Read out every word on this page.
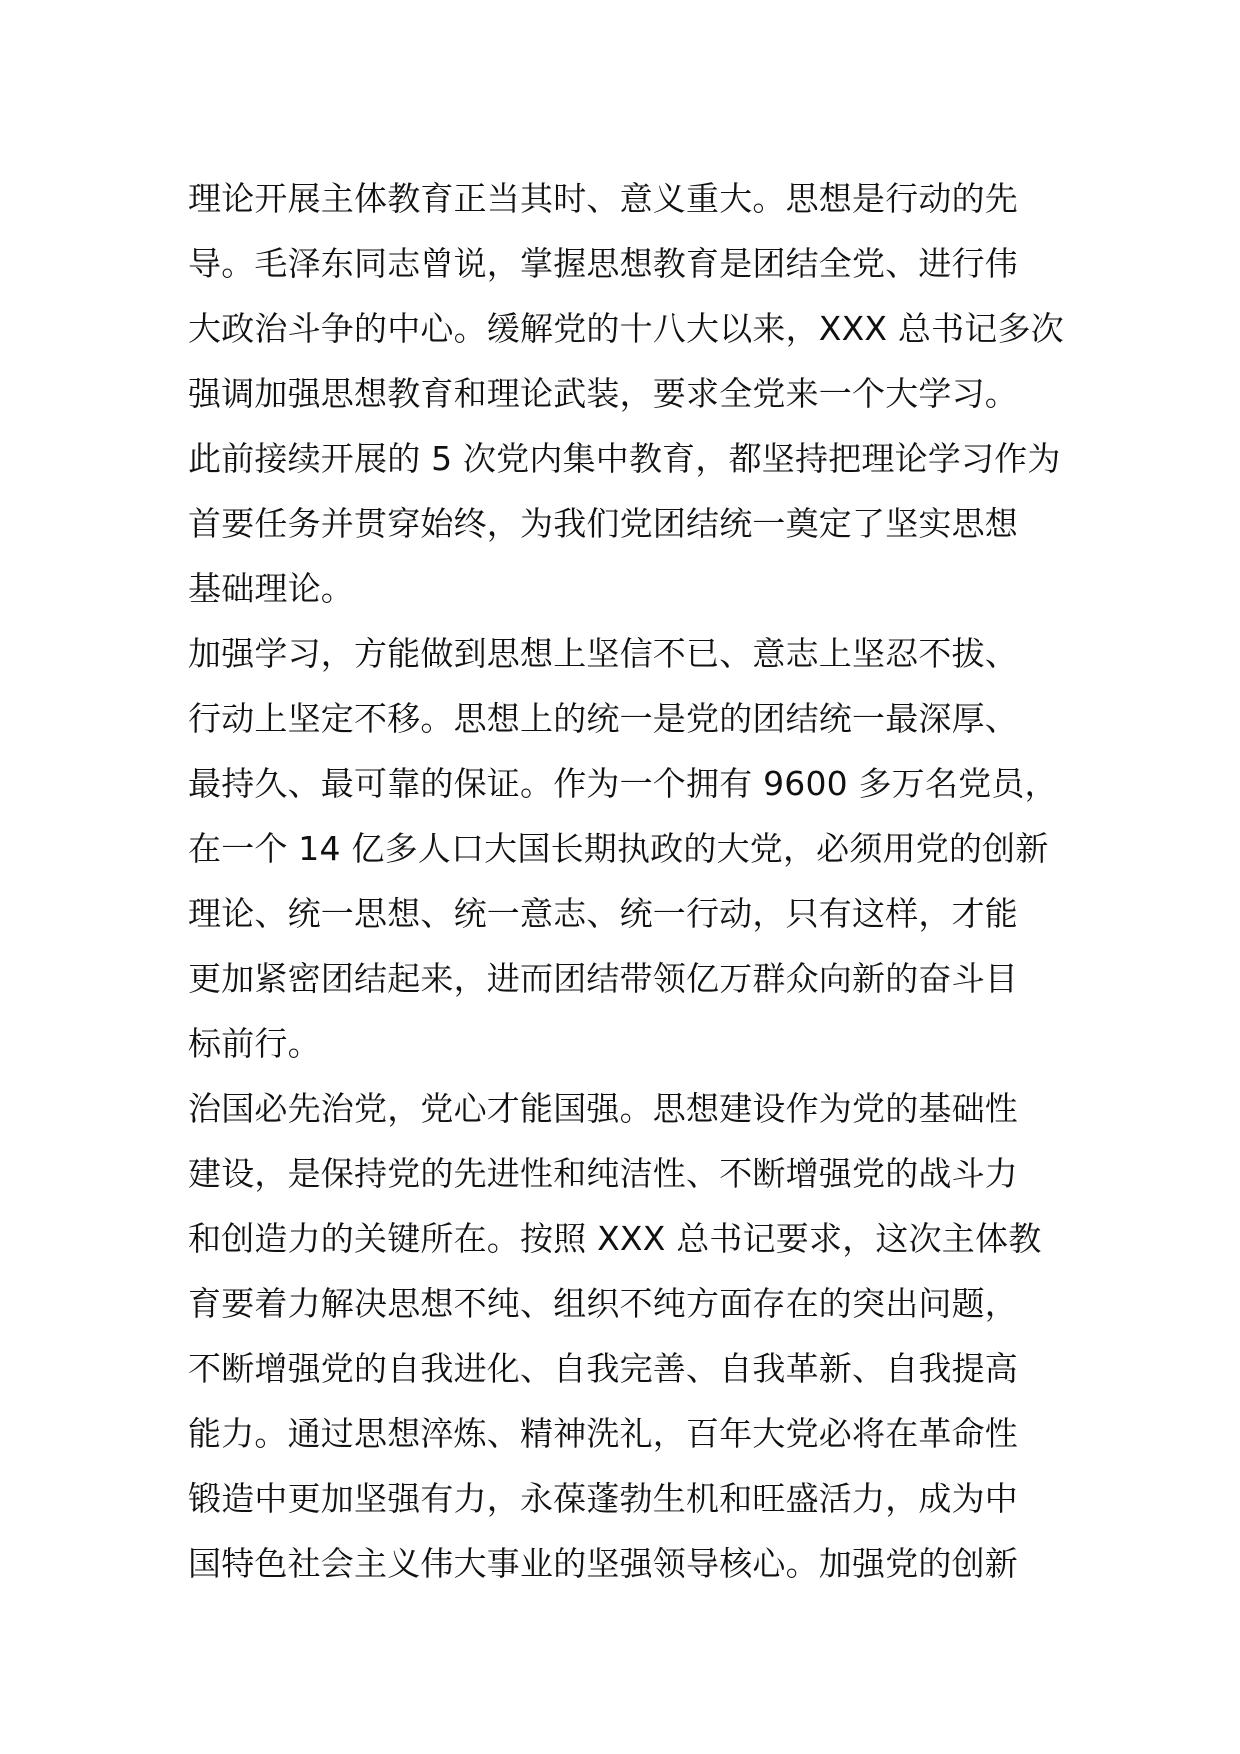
理论开展主体教育正当其时、意义重大。思想是行动的先
导。毛泽东同志曾说，掌握思想教育是团结全党、进行伟
大政治斗争的中心。缓解党的十八大以来，XXX 总书记多次
强调加强思想教育和理论武装，要求全党来一个大学习。
此前接续开展的 5 次党内集中教育，都坚持把理论学习作为
首要任务并贯穿始终，为我们党团结统一奠定了坚实思想
基础理论。
加强学习，方能做到思想上坚信不已、意志上坚忍不拔、
行动上坚定不移。思想上的统一是党的团结统一最深厚、
最持久、最可靠的保证。作为一个拥有 9600 多万名党员，
在一个 14 亿多人口大国长期执政的大党，必须用党的创新
理论、统一思想、统一意志、统一行动，只有这样，才能
更加紧密团结起来，进而团结带领亿万群众向新的奋斗目
标前行。
治国必先治党，党心才能国强。思想建设作为党的基础性
建设，是保持党的先进性和纯洁性、不断增强党的战斗力
和创造力的关键所在。按照 XXX 总书记要求，这次主体教
育要着力解决思想不纯、组织不纯方面存在的突出问题，
不断增强党的自我进化、自我完善、自我革新、自我提高
能力。通过思想淬炼、精神洗礼，百年大党必将在革命性
锻造中更加坚强有力，永葆蓬勃生机和旺盛活力，成为中
国特色社会主义伟大事业的坚强领导核心。加强党的创新
